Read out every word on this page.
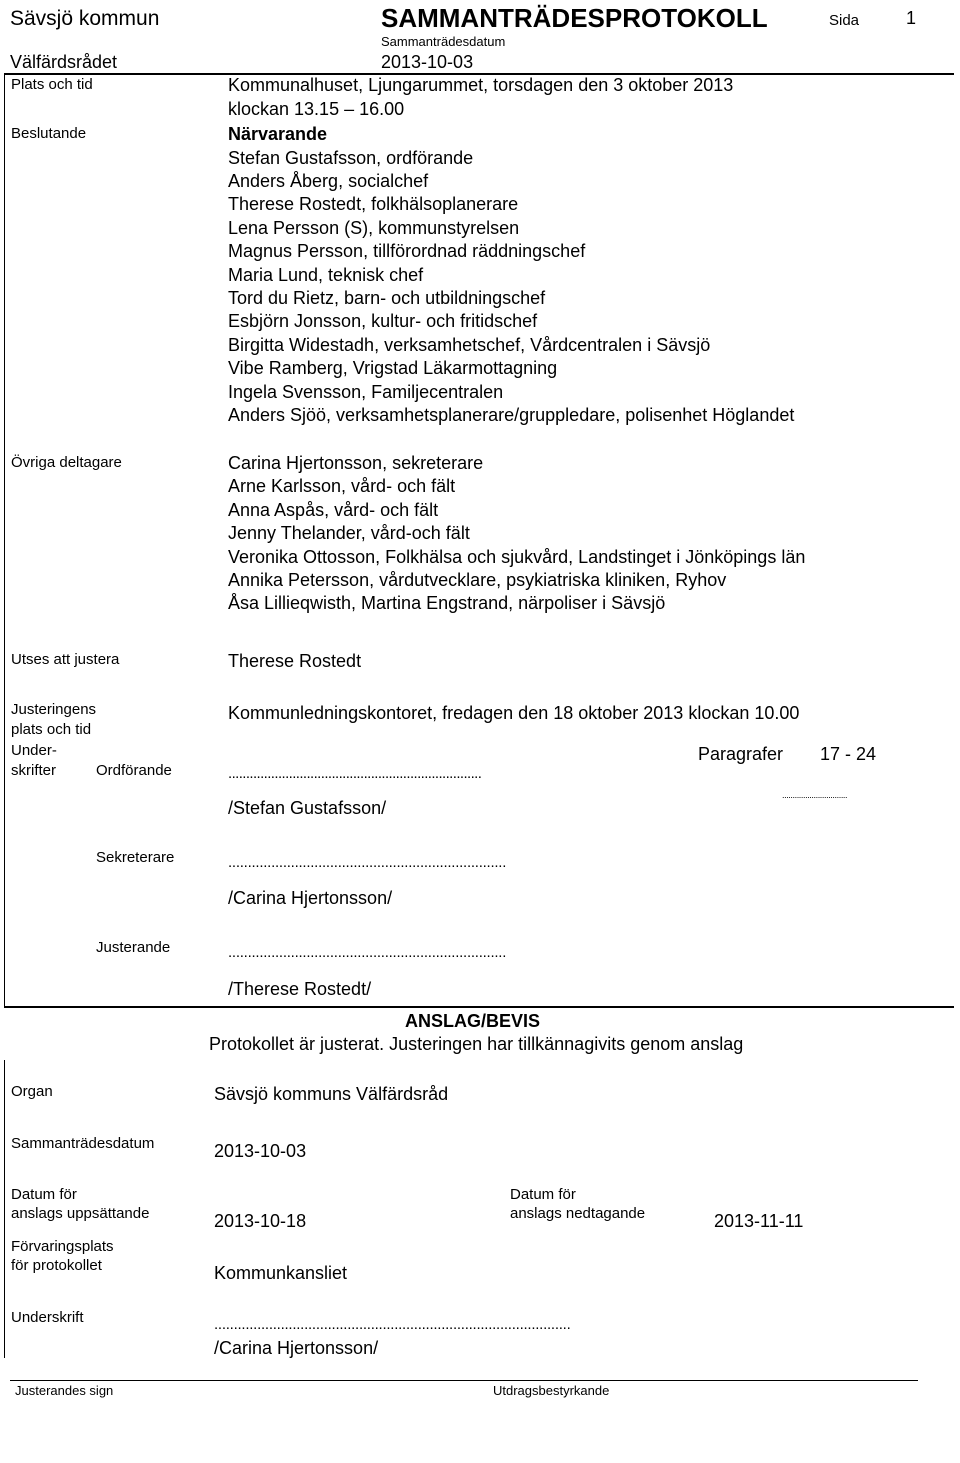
Sävsjö kommun	SAMMANTRÄDESPROTOKOLL	Sida	1
Välfärdsrådet
Sammanträdesdatum
2013-10-03
Plats och tid	Kommunalhuset, Ljungarummet, torsdagen den 3 oktober 2013
klockan 13.15 – 16.00
Beslutande	Närvarande
Stefan Gustafsson, ordförande
Anders Åberg, socialchef
Therese Rostedt, folkhälsoplanerare
Lena Persson (S), kommunstyrelsen
Magnus Persson, tillförordnad räddningschef
Maria Lund, teknisk chef
Tord du Rietz, barn- och utbildningschef
Esbjörn Jonsson, kultur- och fritidschef
Birgitta Widestadh, verksamhetschef, Vårdcentralen i Sävsjö
Vibe Ramberg, Vrigstad Läkarmottagning
Ingela Svensson, Familjecentralen
Anders Sjöö, verksamhetsplanerare/gruppledare, polisenhet Höglandet
Övriga deltagare	Carina Hjertonsson, sekreterare
Arne Karlsson, vård- och fält
Anna Aspås, vård- och fält
Jenny Thelander, vård-och fält
Veronika Ottosson, Folkhälsa och sjukvård, Landstinget i Jönköpings län
Annika Petersson, vårdutvecklare, psykiatriska kliniken, Ryhov
Åsa Lillieqwisth, Martina Engstrand, närpoliser i Sävsjö
Utses att justera	Therese Rostedt
Justeringens
plats och tid
Kommunledningskontoret, fredagen den 18 oktober 2013 klockan 10.00
Under-
skrifter
Paragrafer 17 - 24
Ordförande	.......................................................................
...............................
/Stefan Gustafsson/
Sekreterare	.......................................................................
/Carina Hjertonsson/
Justerande	.......................................................................
/Therese Rostedt/
ANSLAG/BEVIS
Protokollet är justerat. Justeringen har tillkännagivits genom anslag
Organ	Sävsjö kommuns Välfärdsråd
Sammanträdesdatum	2013-10-03
Datum för
anslags uppsättande	2013-10-18
Datum för
anslags nedtagande	2013-11-11
Förvaringsplats
för protokollet	Kommunkansliet
Underskrift	...........................................................................................
/Carina Hjertonsson/
Justerandes sign	Utdragsbestyrkande
